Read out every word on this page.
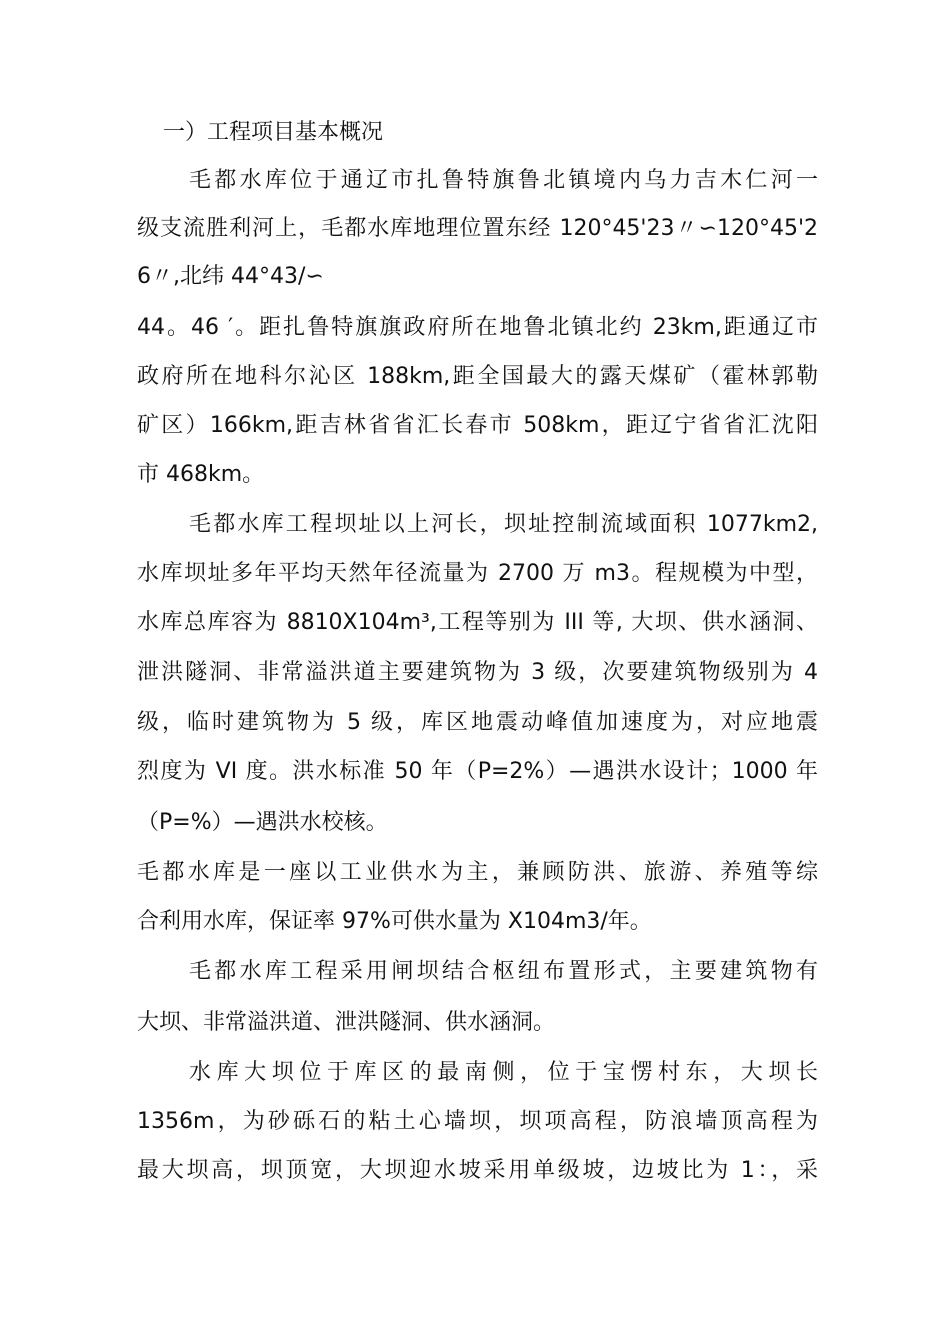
一）工程项目基本概况
毛都水库位于通辽市扎鲁特旗鲁北镇境内乌力吉木仁河一
级支流胜利河上，毛都水库地理位置东经 120°45'23〃∽120°45'2
6〃,北纬 44°43/∽
44。46 ′。距扎鲁特旗旗政府所在地鲁北镇北约 23km,距通辽市
政府所在地科尔沁区 188km,距全国最大的露天煤矿（霍林郭勒
矿区）166km,距吉林省省汇长春市 508km，距辽宁省省汇沈阳
市 468km。
毛都水库工程坝址以上河长，坝址控制流域面积 1077km2,
水库坝址多年平均天然年径流量为 2700 万 m3。程规模为中型，
水库总库容为 8810X104m³,工程等别为 III 等, 大坝、供水涵洞、
泄洪隧洞、非常溢洪道主要建筑物为 3 级，次要建筑物级别为 4
级，临时建筑物为 5 级，库区地震动峰值加速度为，对应地震
烈度为 VI 度。洪水标准 50 年（P=2%）—遇洪水设计；1000 年
（P=%）—遇洪水校核。
毛都水库是一座以工业供水为主，兼顾防洪、旅游、养殖等综
合利用水库，保证率 97%可供水量为 X104m3/年。
毛都水库工程采用闸坝结合枢纽布置形式，主要建筑物有
大坝、非常溢洪道、泄洪隧洞、供水涵洞。
水库大坝位于库区的最南侧，位于宝愣村东，大坝长
1356m，为砂砾石的粘土心墙坝，坝项高程，防浪墙顶高程为
最大坝高，坝顶宽，大坝迎水坡采用单级坡，边坡比为 1：，采
